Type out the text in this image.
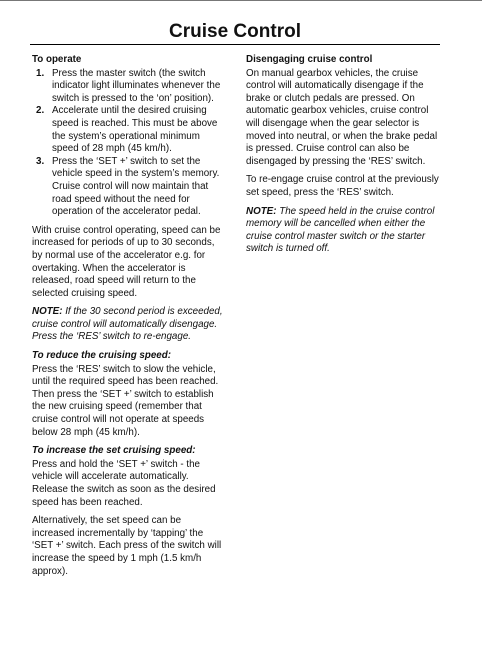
Cruise Control
To operate
1. Press the master switch (the switch indicator light illuminates whenever the switch is pressed to the ‘on’ position).
2. Accelerate until the desired cruising speed is reached. This must be above the system’s operational minimum speed of 28 mph (45 km/h).
3. Press the ‘SET +’ switch to set the vehicle speed in the system’s memory. Cruise control will now maintain that road speed without the need for operation of the accelerator pedal.

With cruise control operating, speed can be increased for periods of up to 30 seconds, by normal use of the accelerator e.g. for overtaking. When the accelerator is released, road speed will return to the selected cruising speed.

NOTE: If the 30 second period is exceeded, cruise control will automatically disengage. Press the ‘RES’ switch to re-engage.

To reduce the cruising speed:

Press the ‘RES’ switch to slow the vehicle, until the required speed has been reached. Then press the ‘SET +’ switch to establish the new cruising speed (remember that cruise control will not operate at speeds below 28 mph (45 km/h).

To increase the set cruising speed:

Press and hold the ‘SET +’ switch - the vehicle will accelerate automatically. Release the switch as soon as the desired speed has been reached.

Alternatively, the set speed can be increased incrementally by ‘tapping’ the ‘SET +’ switch. Each press of the switch will increase the speed by 1 mph (1.5 km/h approx).

Disengaging cruise control

On manual gearbox vehicles, the cruise control will automatically disengage if the brake or clutch pedals are pressed. On automatic gearbox vehicles, cruise control will disengage when the gear selector is moved into neutral, or when the brake pedal is pressed. Cruise control can also be disengaged by pressing the ‘RES’ switch.

To re-engage cruise control at the previously set speed, press the ‘RES’ switch.

NOTE: The speed held in the cruise control memory will be cancelled when either the cruise control master switch or the starter switch is turned off.
